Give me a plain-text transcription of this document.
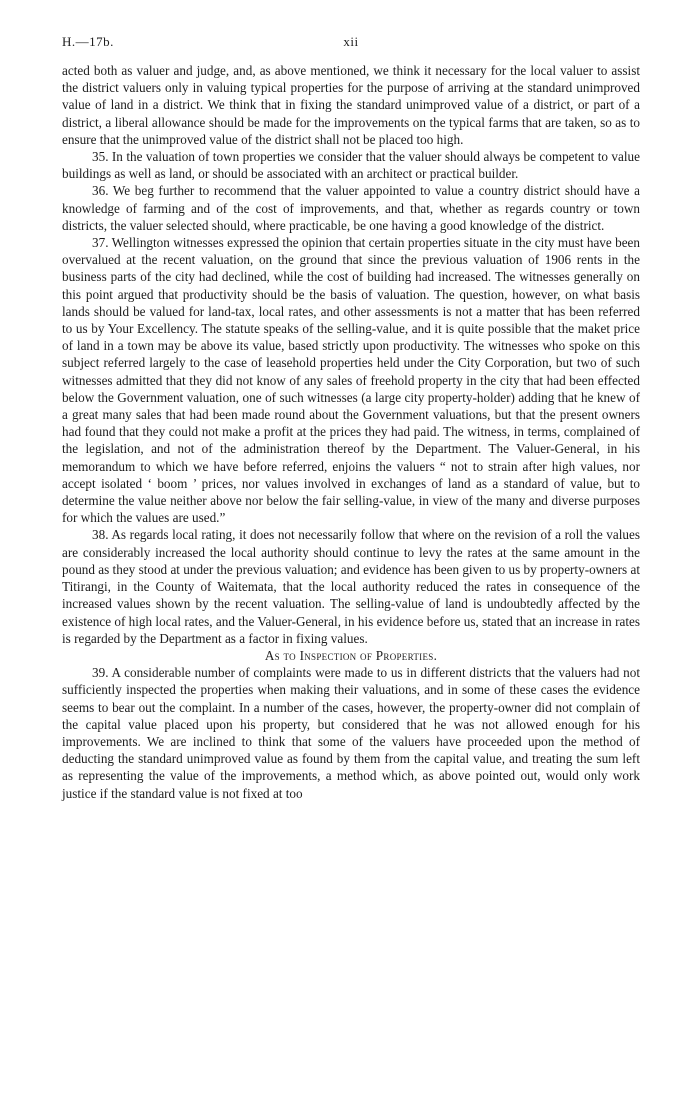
H.—17b.	xii

acted both as valuer and judge, and, as above mentioned, we think it necessary for the local valuer to assist the district valuers only in valuing typical properties for the purpose of arriving at the standard unimproved value of land in a district. We think that in fixing the standard unimproved value of a district, or part of a district, a liberal allowance should be made for the improvements on the typical farms that are taken, so as to ensure that the unimproved value of the district shall not be placed too high.

35. In the valuation of town properties we consider that the valuer should always be competent to value buildings as well as land, or should be associated with an architect or practical builder.

36. We beg further to recommend that the valuer appointed to value a country district should have a knowledge of farming and of the cost of improvements, and that, whether as regards country or town districts, the valuer selected should, where practicable, be one having a good knowledge of the district.

37. Wellington witnesses expressed the opinion that certain properties situate in the city must have been overvalued at the recent valuation, on the ground that since the previous valuation of 1906 rents in the business parts of the city had declined, while the cost of building had increased. The witnesses generally on this point argued that productivity should be the basis of valuation. The question, however, on what basis lands should be valued for land-tax, local rates, and other assessments is not a matter that has been referred to us by Your Excellency. The statute speaks of the selling-value, and it is quite possible that the maket price of land in a town may be above its value, based strictly upon productivity. The witnesses who spoke on this subject referred largely to the case of leasehold properties held under the City Corporation, but two of such witnesses admitted that they did not know of any sales of freehold property in the city that had been effected below the Government valuation, one of such witnesses (a large city property-holder) adding that he knew of a great many sales that had been made round about the Government valuations, but that the present owners had found that they could not make a profit at the prices they had paid. The witness, in terms, complained of the legislation, and not of the administration thereof by the Department. The Valuer-General, in his memorandum to which we have before referred, enjoins the valuers “ not to strain after high values, nor accept isolated ‘ boom ’ prices, nor values involved in exchanges of land as a standard of value, but to determine the value neither above nor below the fair selling-value, in view of the many and diverse purposes for which the values are used.”

38. As regards local rating, it does not necessarily follow that where on the revision of a roll the values are considerably increased the local authority should continue to levy the rates at the same amount in the pound as they stood at under the previous valuation; and evidence has been given to us by property-owners at Titirangi, in the County of Waitemata, that the local authority reduced the rates in consequence of the increased values shown by the recent valuation. The selling-value of land is undoubtedly affected by the existence of high local rates, and the Valuer-General, in his evidence before us, stated that an increase in rates is regarded by the Department as a factor in fixing values.

As to Inspection of Properties.

39. A considerable number of complaints were made to us in different districts that the valuers had not sufficiently inspected the properties when making their valuations, and in some of these cases the evidence seems to bear out the complaint. In a number of the cases, however, the property-owner did not complain of the capital value placed upon his property, but considered that he was not allowed enough for his improvements. We are inclined to think that some of the valuers have proceeded upon the method of deducting the standard unimproved value as found by them from the capital value, and treating the sum left as representing the value of the improvements, a method which, as above pointed out, would only work justice if the standard value is not fixed at too
